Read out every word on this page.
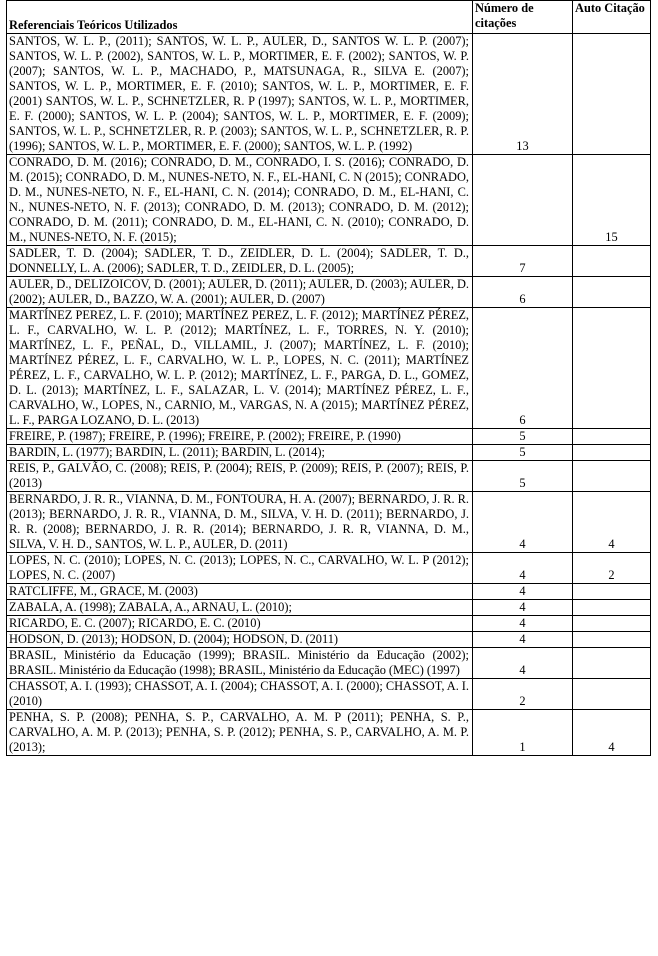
Referenciais Teóricos Utilizados	Número de citações	Auto Citação
SANTOS, W. L. P., (2011); SANTOS, W. L. P., AULER, D., SANTOS W. L. P. (2007); SANTOS, W. L. P. (2002), SANTOS, W. L. P., MORTIMER, E. F. (2002); SANTOS, W. P. (2007); SANTOS, W. L. P., MACHADO, P., MATSUNAGA, R., SILVA E. (2007); SANTOS, W. L. P., MORTIMER, E. F. (2010); SANTOS, W. L. P., MORTIMER, E. F. (2001) SANTOS, W. L. P., SCHNETZLER, R. P (1997); SANTOS, W. L. P., MORTIMER, E. F. (2000); SANTOS, W. L. P. (2004); SANTOS, W. L. P., MORTIMER, E. F. (2009); SANTOS, W. L. P., SCHNETZLER, R. P. (2003); SANTOS, W. L. P., SCHNETZLER, R. P. (1996); SANTOS, W. L. P., MORTIMER, E. F. (2000); SANTOS, W. L. P. (1992)	13	
CONRADO, D. M. (2016); CONRADO, D. M., CONRADO, I. S. (2016); CONRADO, D. M. (2015); CONRADO, D. M., NUNES-NETO, N. F., EL-HANI, C. N (2015); CONRADO, D. M., NUNES-NETO, N. F., EL-HANI, C. N. (2014); CONRADO, D. M., EL-HANI, C. N., NUNES-NETO, N. F. (2013); CONRADO, D. M. (2013); CONRADO, D. M. (2012); CONRADO, D. M. (2011); CONRADO, D. M., EL-HANI, C. N. (2010); CONRADO, D. M., NUNES-NETO, N. F. (2015);		15
SADLER, T. D. (2004); SADLER, T. D., ZEIDLER, D. L. (2004); SADLER, T. D., DONNELLY, L. A. (2006); SADLER, T. D., ZEIDLER, D. L. (2005);	7	
AULER, D., DELIZOICOV, D. (2001); AULER, D. (2011); AULER, D. (2003); AULER, D. (2002); AULER, D., BAZZO, W. A. (2001); AULER, D. (2007)	6	
MARTÍNEZ PEREZ, L. F. (2010); MARTÍNEZ PEREZ, L. F. (2012); MARTÍNEZ PÉREZ, L. F., CARVALHO, W. L. P. (2012); MARTÍNEZ, L. F., TORRES, N. Y. (2010); MARTÍNEZ, L. F., PEÑAL, D., VILLAMIL, J. (2007); MARTÍNEZ, L. F. (2010); MARTÍNEZ PÉREZ, L. F., CARVALHO, W. L. P., LOPES, N. C. (2011); MARTÍNEZ PÉREZ, L. F., CARVALHO, W. L. P. (2012); MARTÍNEZ, L. F., PARGA, D. L., GOMEZ, D. L. (2013); MARTÍNEZ, L. F., SALAZAR, L. V. (2014); MARTÍNEZ PÉREZ, L. F., CARVALHO, W., LOPES, N., CARNIO, M., VARGAS, N. A (2015); MARTÍNEZ PÉREZ, L. F., PARGA LOZANO, D. L. (2013)	6	
FREIRE, P. (1987); FREIRE, P. (1996); FREIRE, P. (2002); FREIRE, P. (1990)	5	
BARDIN, L. (1977); BARDIN, L. (2011); BARDIN, L. (2014);	5	
REIS, P., GALVÃO, C. (2008); REIS, P. (2004); REIS, P. (2009); REIS, P. (2007); REIS, P. (2013)	5	
BERNARDO, J. R. R., VIANNA, D. M., FONTOURA, H. A. (2007); BERNARDO, J. R. R. (2013); BERNARDO, J. R. R., VIANNA, D. M., SILVA, V. H. D. (2011); BERNARDO, J. R. R. (2008); BERNARDO, J. R. R. (2014); BERNARDO, J. R. R, VIANNA, D. M., SILVA, V. H. D., SANTOS, W. L. P., AULER, D. (2011)	4	4
LOPES, N. C. (2010); LOPES, N. C. (2013); LOPES, N. C., CARVALHO, W. L. P (2012); LOPES, N. C. (2007)	4	2
RATCLIFFE, M., GRACE, M. (2003)	4	
ZABALA, A. (1998); ZABALA, A., ARNAU, L. (2010);	4	
RICARDO, E. C. (2007); RICARDO, E. C. (2010)	4	
HODSON, D. (2013); HODSON, D. (2004); HODSON, D. (2011)	4	
BRASIL, Ministério da Educação (1999); BRASIL. Ministério da Educação (2002); BRASIL. Ministério da Educação (1998); BRASIL, Ministério da Educação (MEC) (1997)	4	
CHASSOT, A. I. (1993); CHASSOT, A. I. (2004); CHASSOT, A. I. (2000); CHASSOT, A. I. (2010)	2	
PENHA, S. P. (2008); PENHA, S. P., CARVALHO, A. M. P (2011); PENHA, S. P., CARVALHO, A. M. P. (2013); PENHA, S. P. (2012); PENHA, S. P., CARVALHO, A. M. P. (2013);	1	4
